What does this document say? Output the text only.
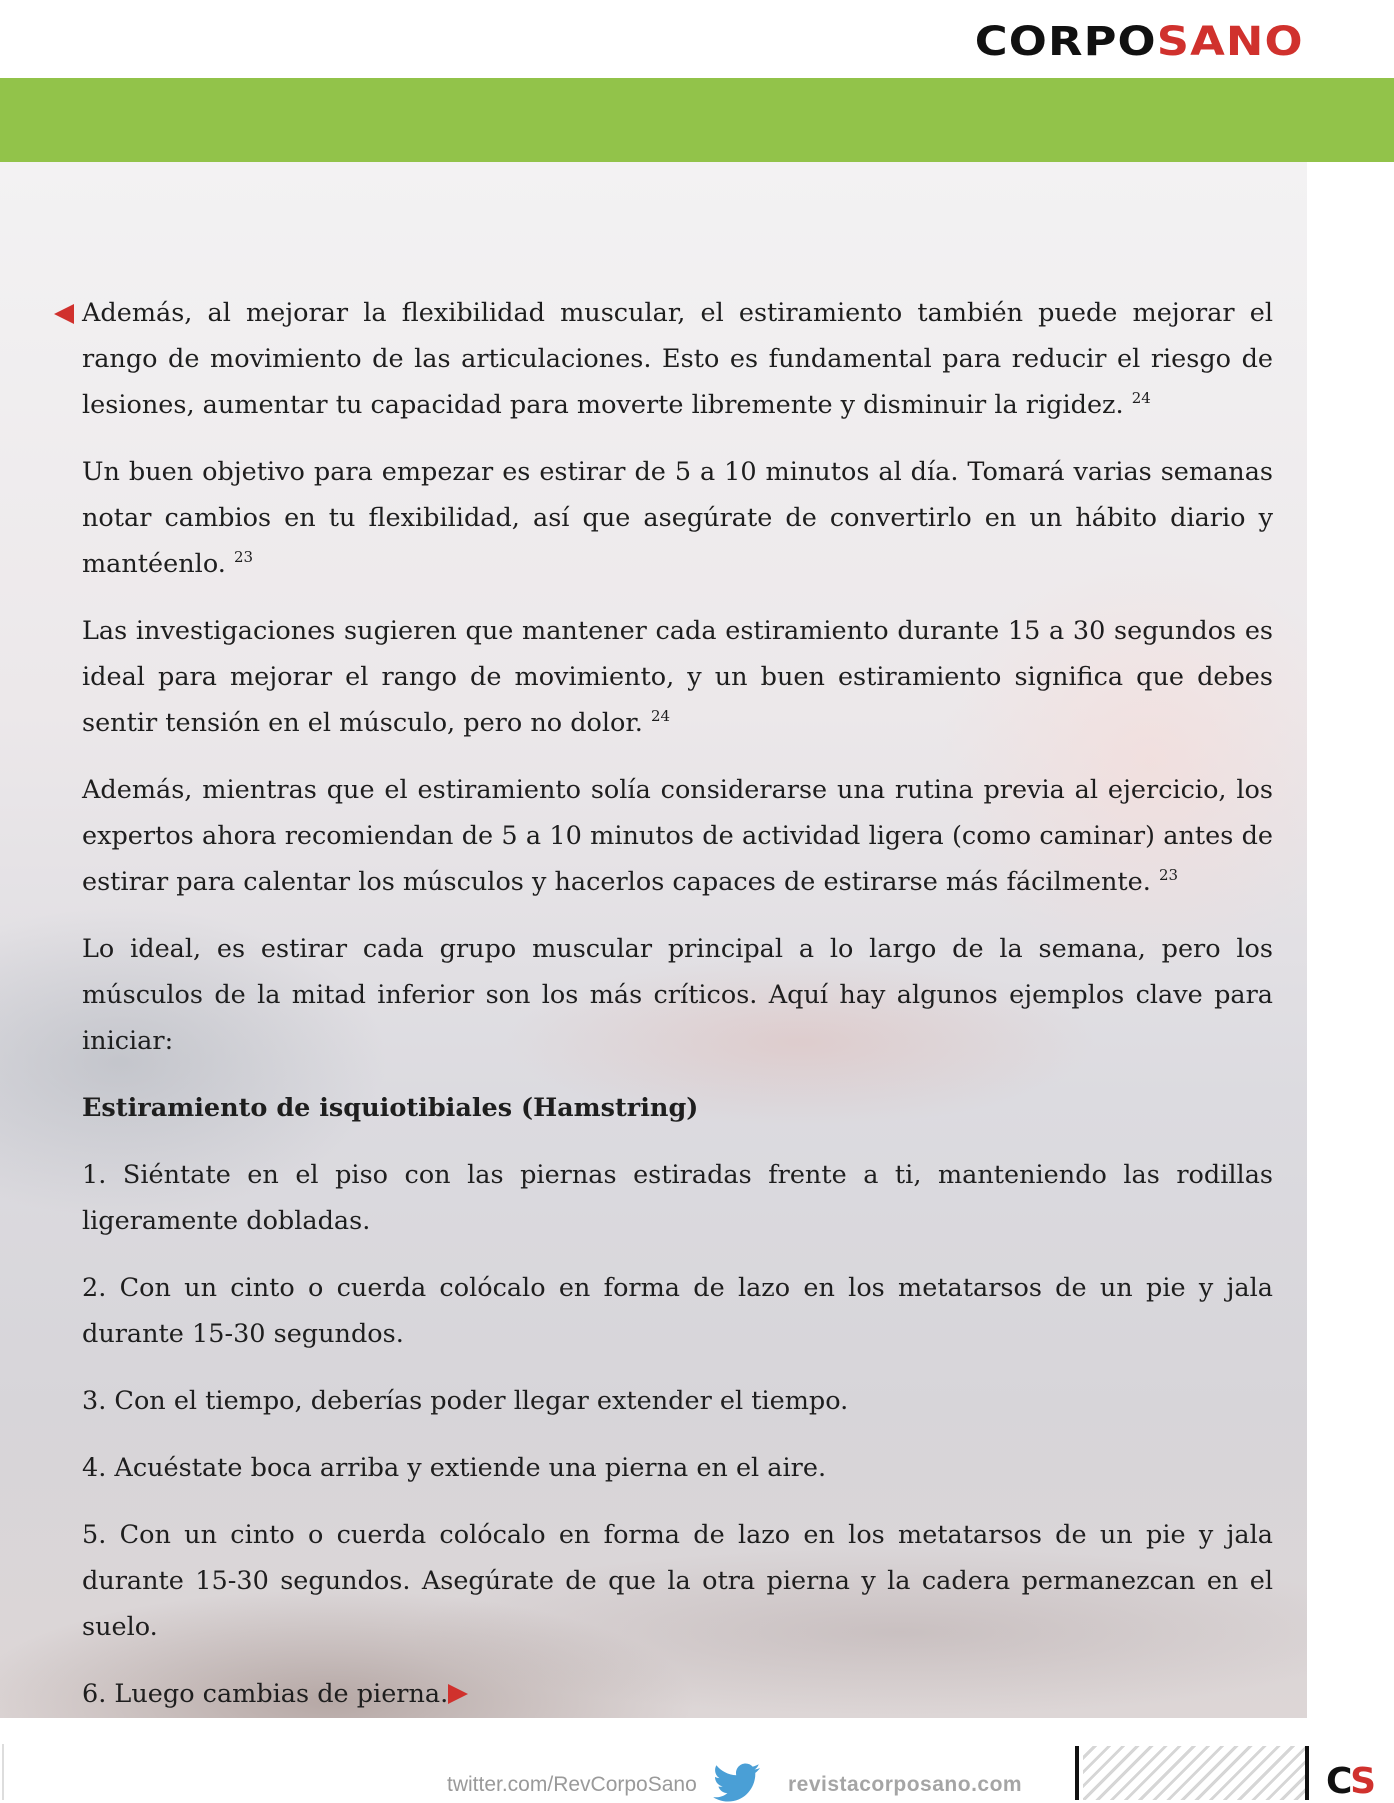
CORPOSANO

Además, al mejorar la flexibilidad muscular, el estiramiento también puede mejorar el rango de movimiento de las articulaciones. Esto es fundamental para reducir el riesgo de lesiones, aumentar tu capacidad para moverte libremente y disminuir la rigidez. $^{24}$

Un buen objetivo para empezar es estirar de 5 a 10 minutos al día. Tomará varias semanas notar cambios en tu flexibilidad, así que asegúrate de convertirlo en un hábito diario y mantéenlo. $^{23}$

Las investigaciones sugieren que mantener cada estiramiento durante 15 a 30 segundos es ideal para mejorar el rango de movimiento, y un buen estiramiento significa que debes sentir tensión en el músculo, pero no dolor. $^{24}$

Además, mientras que el estiramiento solía considerarse una rutina previa al ejercicio, los expertos ahora recomiendan de 5 a 10 minutos de actividad ligera (como caminar) antes de estirar para calentar los músculos y hacerlos capaces de estirarse más fácilmente. $^{23}$

Lo ideal, es estirar cada grupo muscular principal a lo largo de la semana, pero los músculos de la mitad inferior son los más críticos. Aquí hay algunos ejemplos clave para iniciar:

Estiramiento de isquiotibiales (Hamstring)

1. Siéntate en el piso con las piernas estiradas frente a ti, manteniendo las rodillas ligeramente dobladas.

2. Con un cinto o cuerda colócalo en forma de lazo en los metatarsos de un pie y jala durante 15-30 segundos.

3. Con el tiempo, deberías poder llegar extender el tiempo.

4. Acuéstate boca arriba y extiende una pierna en el aire.

5. Con un cinto o cuerda colócalo en forma de lazo en los metatarsos de un pie y jala durante 15-30 segundos. Asegúrate de que la otra pierna y la cadera permanezcan en el suelo.

6. Luego cambias de pierna.

twitter.com/RevCorpoSano	revistacorposano.com	CS
